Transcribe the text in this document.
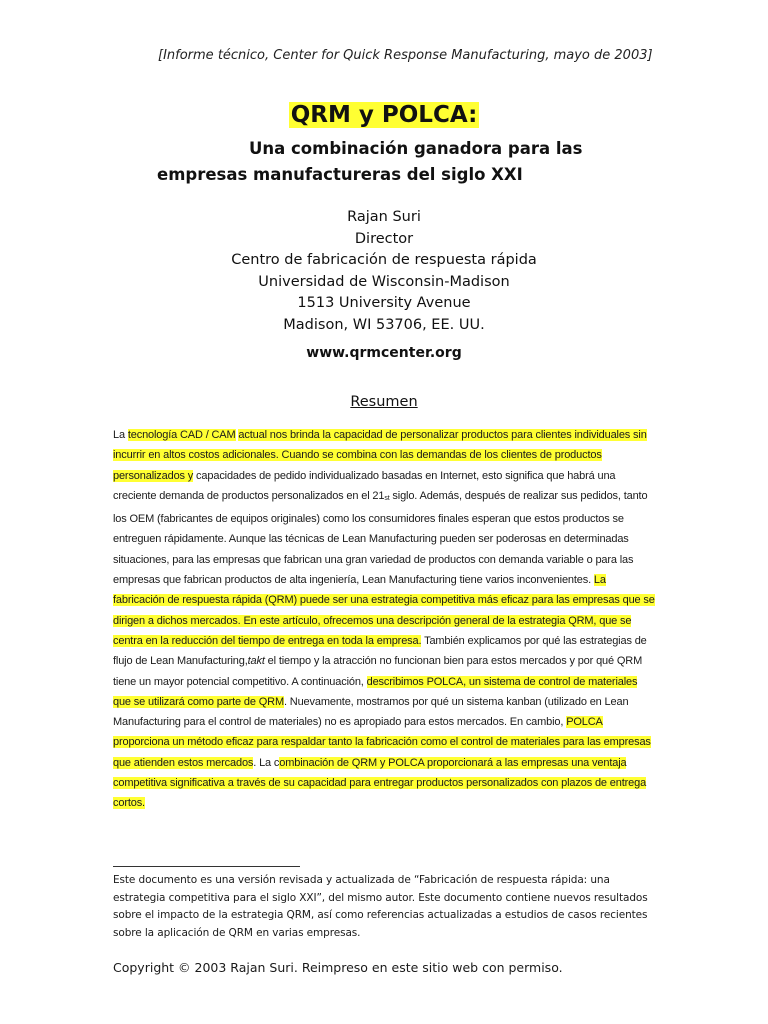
[Informe técnico, Center for Quick Response Manufacturing, mayo de 2003]
QRM y POLCA:
Una combinación ganadora para las
empresas manufactureras del siglo XXI
Rajan Suri
Director
Centro de fabricación de respuesta rápida
Universidad de Wisconsin-Madison
1513 University Avenue
Madison, WI 53706, EE. UU.
www.qrmcenter.org
Resumen
La tecnología CAD / CAM actual nos brinda la capacidad de personalizar productos para clientes individuales sin incurrir en altos costos adicionales. Cuando se combina con las demandas de los clientes de productos personalizados y capacidades de pedido individualizado basadas en Internet, esto significa que habrá una creciente demanda de productos personalizados en el 21st siglo. Además, después de realizar sus pedidos, tanto los OEM (fabricantes de equipos originales) como los consumidores finales esperan que estos productos se entreguen rápidamente. Aunque las técnicas de Lean Manufacturing pueden ser poderosas en determinadas situaciones, para las empresas que fabrican una gran variedad de productos con demanda variable o para las empresas que fabrican productos de alta ingeniería, Lean Manufacturing tiene varios inconvenientes. La fabricación de respuesta rápida (QRM) puede ser una estrategia competitiva más eficaz para las empresas que se dirigen a dichos mercados. En este artículo, ofrecemos una descripción general de la estrategia QRM, que se centra en la reducción del tiempo de entrega en toda la empresa. También explicamos por qué las estrategias de flujo de Lean Manufacturing,takt el tiempo y la atracción no funcionan bien para estos mercados y por qué QRM tiene un mayor potencial competitivo. A continuación, describimos POLCA, un sistema de control de materiales que se utilizará como parte de QRM. Nuevamente, mostramos por qué un sistema kanban (utilizado en Lean Manufacturing para el control de materiales) no es apropiado para estos mercados. En cambio, POLCA proporciona un método eficaz para respaldar tanto la fabricación como el control de materiales para las empresas que atienden estos mercados. La combinación de QRM y POLCA proporcionará a las empresas una ventaja competitiva significativa a través de su capacidad para entregar productos personalizados con plazos de entrega cortos.
Este documento es una versión revisada y actualizada de “Fabricación de respuesta rápida: una estrategia competitiva para el siglo XXI”, del mismo autor. Este documento contiene nuevos resultados sobre el impacto de la estrategia QRM, así como referencias actualizadas a estudios de casos recientes sobre la aplicación de QRM en varias empresas.
Copyright © 2003 Rajan Suri. Reimpreso en este sitio web con permiso.
